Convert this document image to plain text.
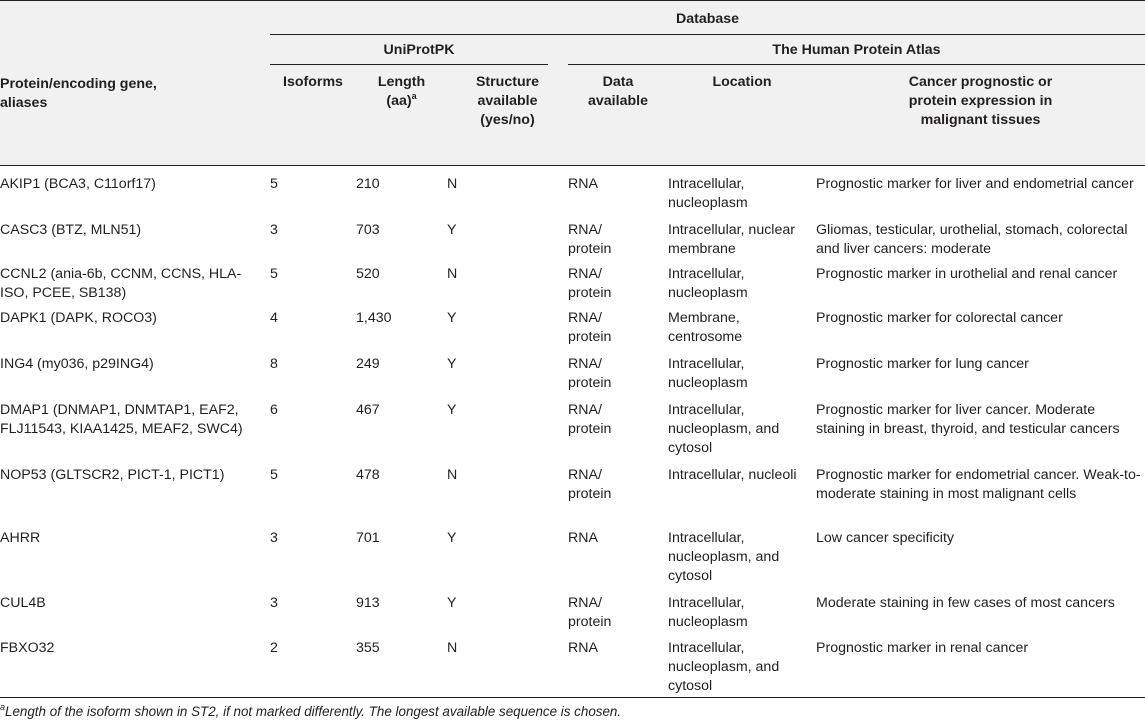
	Database					

	UniProtPK			The Human Protein Atlas		

Protein/encoding gene, aliases	Isoforms	Length (aa)$^a$	Structure available (yes/no)	Data available	Location	Cancer prognostic or protein expression in malignant tissues

AKIP1 (BCA3, C11orf17)	5	210	N	RNA	Intracellular, nucleoplasm	Prognostic marker for liver and endometrial cancer

CASC3 (BTZ, MLN51)	3	703	Y	RNA/ protein	Intracellular, nuclear membrane	Gliomas, testicular, urothelial, stomach, colorectal and liver cancers: moderate

CCNL2 (ania-6b, CCNM, CCNS, HLA-ISO, PCEE, SB138)	5	520	N	RNA/ protein	Intracellular, nucleoplasm	Prognostic marker in urothelial and renal cancer

DAPK1 (DAPK, ROCO3)	4	1,430	Y	RNA/ protein	Membrane, centrosome	Prognostic marker for colorectal cancer

ING4 (my036, p29ING4)	8	249	Y	RNA/ protein	Intracellular, nucleoplasm	Prognostic marker for lung cancer

DMAP1 (DNMAP1, DNMTAP1, EAF2, FLJ11543, KIAA1425, MEAF2, SWC4)	6	467	Y	RNA/ protein	Intracellular, nucleoplasm, and cytosol	Prognostic marker for liver cancer. Moderate staining in breast, thyroid, and testicular cancers

NOP53 (GLTSCR2, PICT-1, PICT1)	5	478	N	RNA/ protein	Intracellular, nucleoli	Prognostic marker for endometrial cancer. Weak-to-moderate staining in most malignant cells

AHRR	3	701	Y	RNA	Intracellular, nucleoplasm, and cytosol	Low cancer specificity

CUL4B	3	913	Y	RNA/ protein	Intracellular, nucleoplasm	Moderate staining in few cases of most cancers

FBXO32	2	355	N	RNA	Intracellular, nucleoplasm, and cytosol	Prognostic marker in renal cancer
$^a$Length of the isoform shown in ST2, if not marked differently. The longest available sequence is chosen.
